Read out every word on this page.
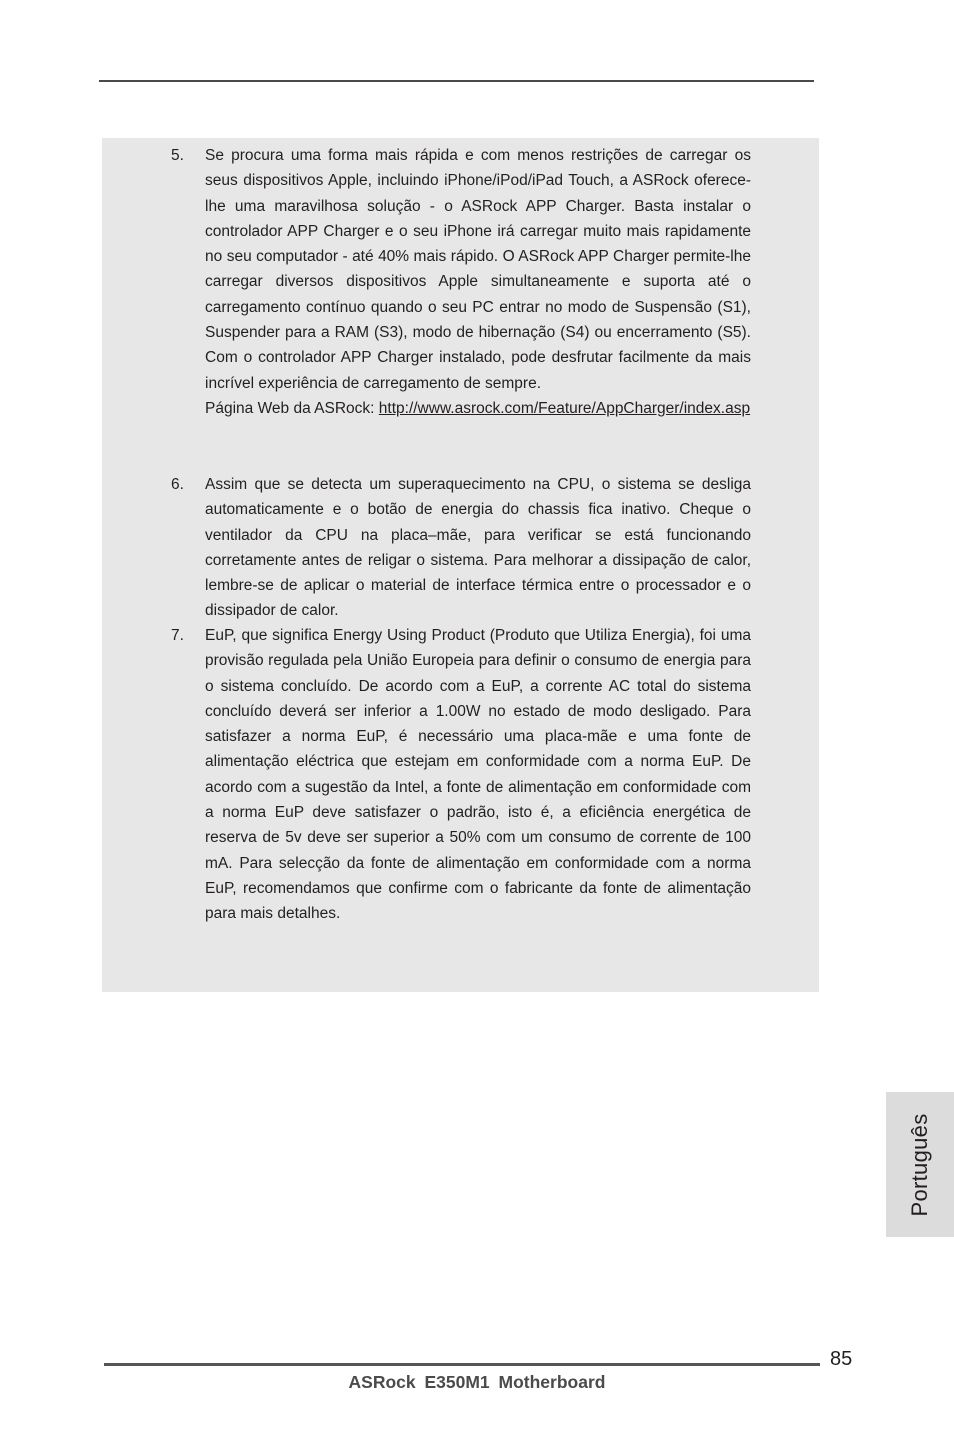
5. Se procura uma forma mais rápida e com menos restrições de carregar os seus dispositivos Apple, incluindo iPhone/iPod/iPad Touch, a ASRock oferece-lhe uma maravilhosa solução - o ASRock APP Charger. Basta instalar o controlador APP Charger e o seu iPhone irá carregar muito mais rapidamente no seu computador - até 40% mais rápido. O ASRock APP Charger permite-lhe carregar diversos dispositivos Apple simultaneamente e suporta até o carregamento contínuo quando o seu PC entrar no modo de Suspensão (S1), Suspender para a RAM (S3), modo de hibernação (S4) ou encerramento (S5). Com o controlador APP Charger instalado, pode desfrutar facilmente da mais incrível experiência de carregamento de sempre.

Página Web da ASRock: http://www.asrock.com/Feature/AppCharger/index.asp

6. Assim que se detecta um superaquecimento na CPU, o sistema se desliga automaticamente e o botão de energia do chassis fica inativo. Cheque o ventilador da CPU na placa–mãe, para verificar se está funcionando corretamente antes de religar o sistema. Para melhorar a dissipação de calor, lembre-se de aplicar o material de interface térmica entre o processador e o dissipador de calor.

7. EuP, que significa Energy Using Product (Produto que Utiliza Energia), foi uma provisão regulada pela União Europeia para definir o consumo de energia para o sistema concluído. De acordo com a EuP, a corrente AC total do sistema concluído deverá ser inferior a 1.00W no estado de modo desligado. Para satisfazer a norma EuP, é necessário uma placa-mãe e uma fonte de alimentação eléctrica que estejam em conformidade com a norma EuP. De acordo com a sugestão da Intel, a fonte de alimentação em conformidade com a norma EuP deve satisfazer o padrão, isto é, a eficiência energética de reserva de 5v deve ser superior a 50% com um consumo de corrente de 100 mA. Para selecção da fonte de alimentação em conformidade com a norma EuP, recomendamos que confirme com o fabricante da fonte de alimentação para mais detalhes.

Português
85
ASRock E350M1 Motherboard
